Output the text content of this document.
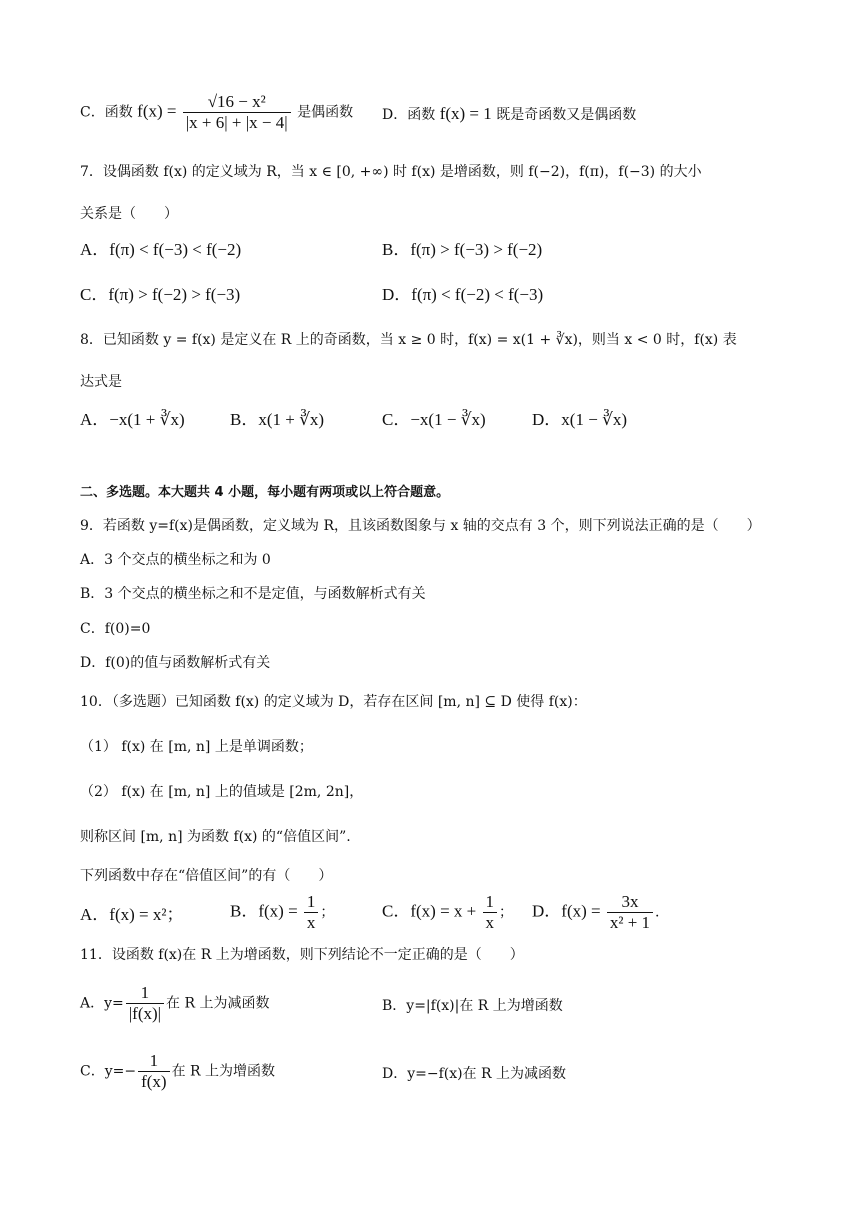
C．函数 $f(x) = \frac{\text{√16 − x²}}{|x + 6| + |x - 4|}$ 是偶函数 D．函数 f(x) = 1 既是奇函数又是偶函数
7．设偶函数 f(x) 的定义域为 R，当 x ∈ [0, +∞) 时 f(x) 是增函数，则 f(−2)，f(π)，f(−3) 的大小
关系是（　　）
A．f(π) < f(−3) < f(−2)	B．f(π) > f(−3) > f(−2)
C．f(π) > f(−2) > f(−3)	D．f(π) < f(−2) < f(−3)
8．已知函数 y = f(x) 是定义在 R 上的奇函数，当 x ≥ 0 时，f(x) = x(1 + ∛x)，则当 x < 0 时，f(x) 表
达式是
A．−x(1 + ∛x)	B．x(1 + ∛x)	C．−x(1 − ∛x)	D．x(1 − ∛x)
二、多选题。本大题共 4 小题，每小题有两项或以上符合题意。
9．若函数 y=f(x)是偶函数，定义域为 R，且该函数图象与 x 轴的交点有 3 个，则下列说法正确的是（　　）
A．3 个交点的横坐标之和为 0
B．3 个交点的横坐标之和不是定值，与函数解析式有关
C．f(0)=0
D．f(0)的值与函数解析式有关
10．（多选题）已知函数 f(x) 的定义域为 D，若存在区间 [m, n] ⊆ D 使得 f(x)：
（1） f(x) 在 [m, n] 上是单调函数；
（2） f(x) 在 [m, n] 上的值域是 [2m, 2n]，
则称区间 [m, n] 为函数 f(x) 的“倍值区间”.
下列函数中存在“倍值区间”的有（　　）
A．f(x) = x²；	B．$f(x) = \frac{1}{x}$ ；	C．$f(x) = x + \frac{1}{x}$ ； D．$f(x) = \frac{3x}{\text{x² + 1}}$ .
11．设函数 f(x)在 R 上为增函数，则下列结论不一定正确的是（　　）
A．$y= \frac{1}{|f(x)|}$ 在 R 上为减函数	B．y=|f(x)|在 R 上为增函数
C．$y=- \frac{1}{f(x)}$ 在 R 上为增函数	D．y=−f(x)在 R 上为减函数
